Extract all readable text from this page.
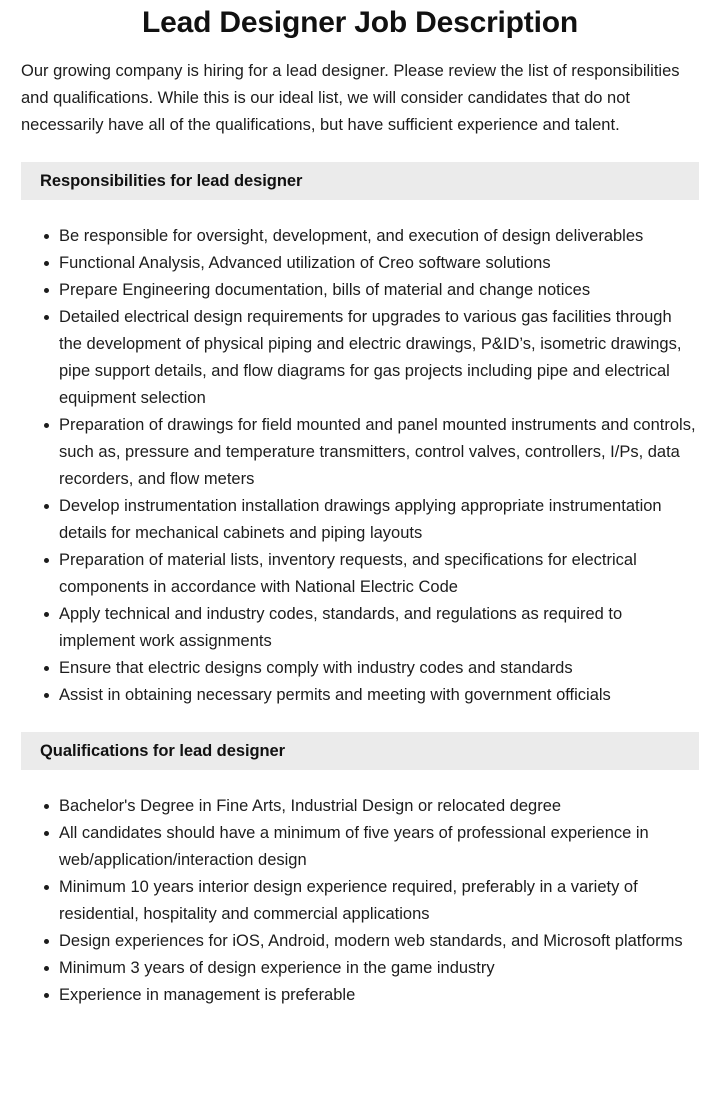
Lead Designer Job Description

Our growing company is hiring for a lead designer. Please review the list of responsibilities and qualifications. While this is our ideal list, we will consider candidates that do not necessarily have all of the qualifications, but have sufficient experience and talent.

Responsibilities for lead designer
Be responsible for oversight, development, and execution of design deliverables
Functional Analysis, Advanced utilization of Creo software solutions
Prepare Engineering documentation, bills of material and change notices
Detailed electrical design requirements for upgrades to various gas facilities through the development of physical piping and electric drawings, P&ID’s, isometric drawings, pipe support details, and flow diagrams for gas projects including pipe and electrical equipment selection
Preparation of drawings for field mounted and panel mounted instruments and controls, such as, pressure and temperature transmitters, control valves, controllers, I/Ps, data recorders, and flow meters
Develop instrumentation installation drawings applying appropriate instrumentation details for mechanical cabinets and piping layouts
Preparation of material lists, inventory requests, and specifications for electrical components in accordance with National Electric Code
Apply technical and industry codes, standards, and regulations as required to implement work assignments
Ensure that electric designs comply with industry codes and standards
Assist in obtaining necessary permits and meeting with government officials
Qualifications for lead designer
Bachelor's Degree in Fine Arts, Industrial Design or relocated degree
All candidates should have a minimum of five years of professional experience in web/application/interaction design
Minimum 10 years interior design experience required, preferably in a variety of residential, hospitality and commercial applications
Design experiences for iOS, Android, modern web standards, and Microsoft platforms
Minimum 3 years of design experience in the game industry
Experience in management is preferable
